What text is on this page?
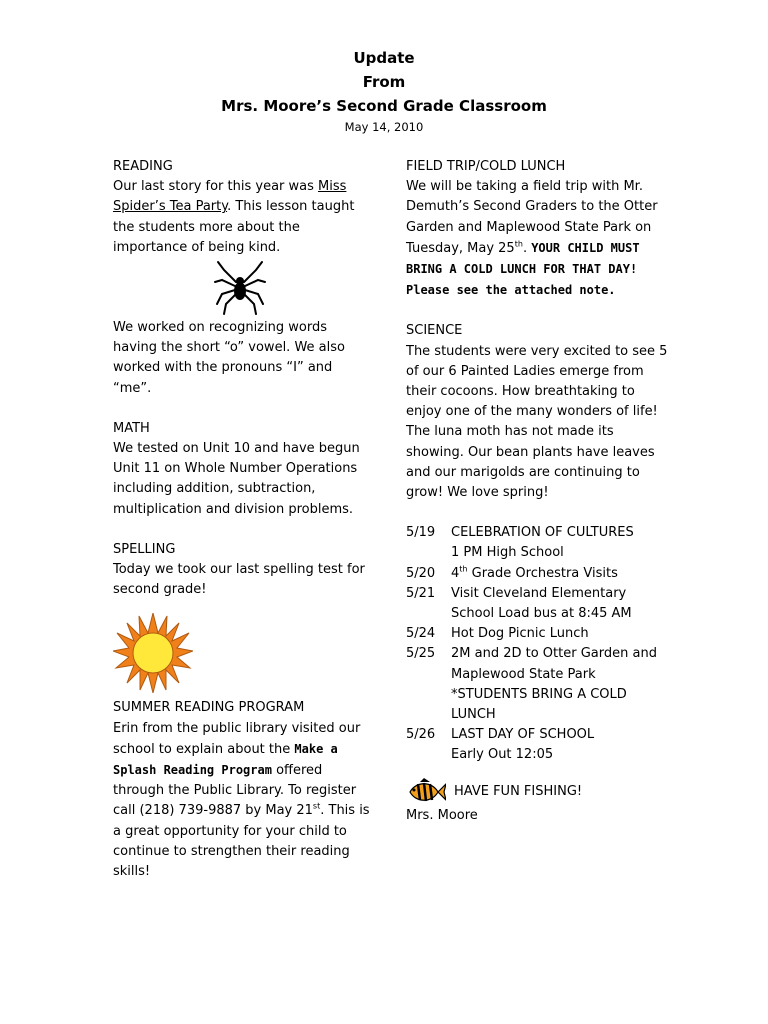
Update
From
Mrs. Moore’s Second Grade Classroom
May 14, 2010

READING

Our last story for this year was Miss Spider’s Tea Party. This lesson taught the students more about the importance of being kind.

We worked on recognizing words having the short “o” vowel. We also worked with the pronouns “I” and “me”.

MATH

We tested on Unit 10 and have begun Unit 11 on Whole Number Operations including addition, subtraction, multiplication and division problems.

SPELLING

Today we took our last spelling test for second grade!

SUMMER READING PROGRAM

Erin from the public library visited our school to explain about the Make a Splash Reading Program offered through the Public Library. To register call (218) 739-9887 by May 21st. This is a great opportunity for your child to continue to strengthen their reading skills!

FIELD TRIP/COLD LUNCH

We will be taking a field trip with Mr. Demuth’s Second Graders to the Otter Garden and Maplewood State Park on Tuesday, May 25th. YOUR CHILD MUST BRING A COLD LUNCH FOR THAT DAY! Please see the attached note.

SCIENCE

The students were very excited to see 5 of our 6 Painted Ladies emerge from their cocoons. How breathtaking to enjoy one of the many wonders of life! The luna moth has not made its showing. Our bean plants have leaves and our marigolds are continuing to grow! We love spring!

5/19	CELEBRATION OF CULTURES
1 PM High School
5/20	4th Grade Orchestra Visits
5/21	Visit Cleveland Elementary School Load bus at 8:45 AM
5/24	Hot Dog Picnic Lunch
5/25	2M and 2D to Otter Garden and Maplewood State Park
*STUDENTS BRING A COLD LUNCH
5/26	LAST DAY OF SCHOOL
Early Out 12:05
HAVE FUN FISHING!

Mrs. Moore
